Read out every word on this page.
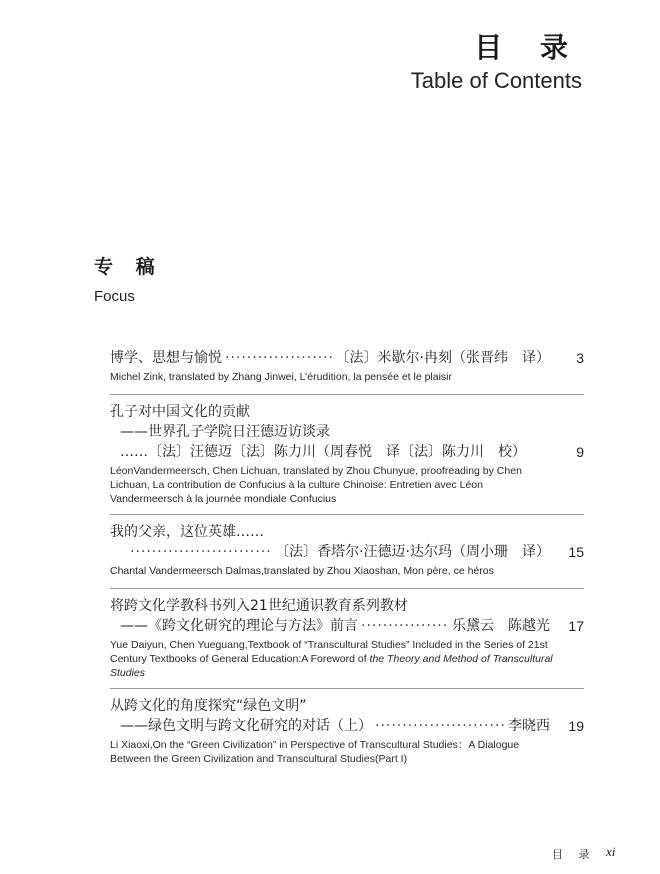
目 录
Table of Contents
专 稿
Focus
博学、思想与愉悦 ·····	〔法〕米歇尔·冉刻（张晋纬　译） 3
Michel Zink, translated by Zhang Jinwei, L’érudition, la pensée et le plaisir
孔子对中国文化的贡献
——世界孔子学院日汪德迈访谈录
……〔法〕汪德迈〔法〕陈力川（周春悦　译〔法〕陈力川　校）	9
LéonVandermeersch, Chen Lichuan, translated by Zhou Chunyue, proofreading by Chen Lichuan, La contribution de Confucius à la culture Chinoise: Entretien avec Léon Vandermeersch à la journée mondiale Confucius
我的父亲，这位英雄……
·····
〔法〕香塔尔·汪德迈·达尔玛（周小珊　译） 15
Chantal Vandermeersch Dalmas,translated by Zhou Xiaoshan, Mon père, ce héros
将跨文化学教科书列入21世纪通识教育系列教材
——《跨文化研究的理论与方法》前言 ·····	乐黛云　陈越光 17
Yue Daiyun, Chen Yueguang,Textbook of “Transcultural Studies” Included in the Series of 21st Century Textbooks of General Education:A Foreword of the Theory and Method of Transcultural Studies
从跨文化的角度探究“绿色文明”
——绿色文明与跨文化研究的对话（上） ·····	李晓西 19
Li Xiaoxi,On the “Green Civilization” in Perspective of Transcultural Studies：A Dialogue Between the Green Civilization and Transcultural Studies(Part I)
目 录 xi
